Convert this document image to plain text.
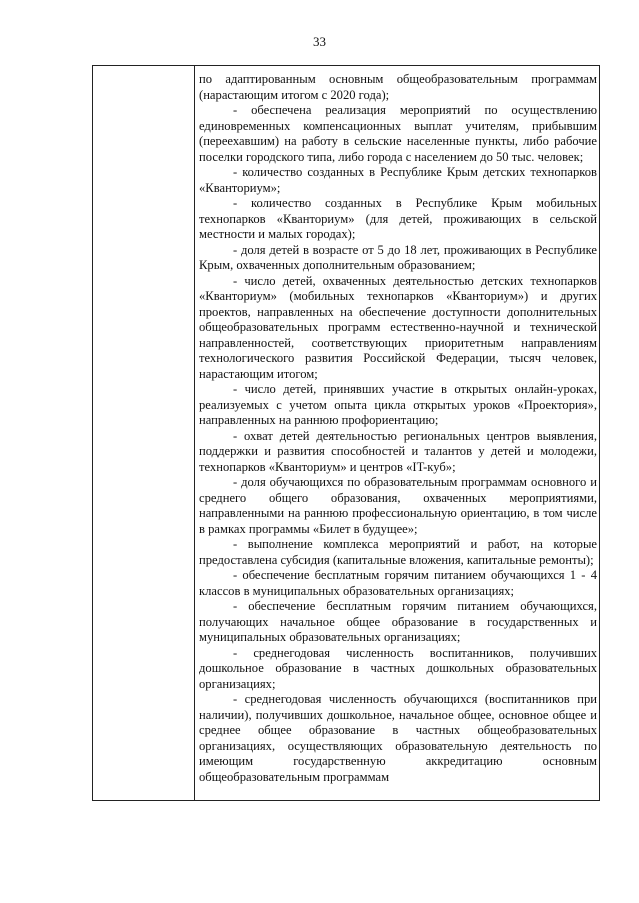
33

по адаптированным основным общеобразовательным программам (нарастающим итогом с 2020 года);

- обеспечена реализация мероприятий по осуществлению единовременных компенсационных выплат учителям, прибывшим (переехавшим) на работу в сельские населенные пункты, либо рабочие поселки городского типа, либо города с населением до 50 тыс. человек;

- количество созданных в Республике Крым детских технопарков «Кванториум»;

- количество созданных в Республике Крым мобильных технопарков «Кванториум» (для детей, проживающих в сельской местности и малых городах);

- доля детей в возрасте от 5 до 18 лет, проживающих в Республике Крым, охваченных дополнительным образованием;

- число детей, охваченных деятельностью детских технопарков «Кванториум» (мобильных технопарков «Кванториум») и других проектов, направленных на обеспечение доступности дополнительных общеобразовательных программ естественно-научной и технической направленностей, соответствующих приоритетным направлениям технологического развития Российской Федерации, тысяч человек, нарастающим итогом;

- число детей, принявших участие в открытых онлайн-уроках, реализуемых с учетом опыта цикла открытых уроков «Проектория», направленных на раннюю профориентацию;

- охват детей деятельностью региональных центров выявления, поддержки и развития способностей и талантов у детей и молодежи, технопарков «Кванториум» и центров «IT-куб»;

- доля обучающихся по образовательным программам основного и среднего общего образования, охваченных мероприятиями, направленными на раннюю профессиональную ориентацию, в том числе в рамках программы «Билет в будущее»;

- выполнение комплекса мероприятий и работ, на которые предоставлена субсидия (капитальные вложения, капитальные ремонты);

- обеспечение бесплатным горячим питанием обучающихся 1 - 4 классов в муниципальных образовательных организациях;

- обеспечение бесплатным горячим питанием обучающихся, получающих начальное общее образование в государственных и муниципальных образовательных организациях;

- среднегодовая численность воспитанников, получивших дошкольное образование в частных дошкольных образовательных организациях;

- среднегодовая численность обучающихся (воспитанников при наличии), получивших дошкольное, начальное общее, основное общее и среднее общее образование в частных общеобразовательных организациях, осуществляющих образовательную деятельность по имеющим государственную аккредитацию основным общеобразовательным программам
